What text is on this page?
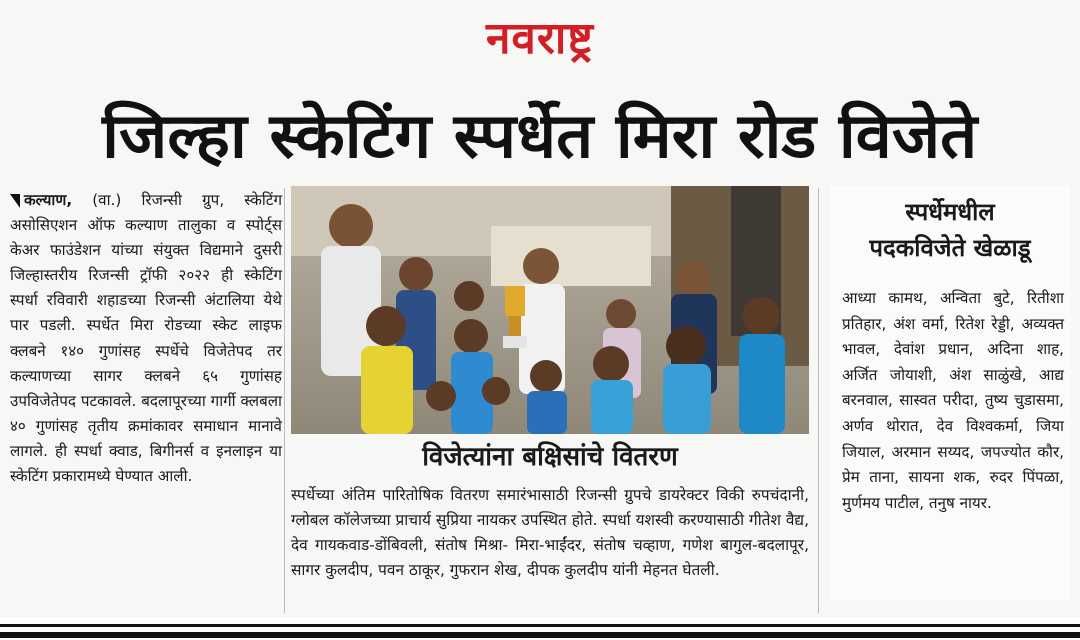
नवराष्ट्र
जिल्हा स्केटिंग स्पर्धेत मिरा रोड विजेते
कल्याण, (वा.) रिजन्सी ग्रुप, स्केटिंग असोसिएशन ऑफ कल्याण तालुका व स्पोर्ट्स केअर फाउंडेशन यांच्या संयुक्त विद्यमाने दुसरी जिल्हास्तरीय रिजन्सी ट्रॉफी २०२२ ही स्केटिंग स्पर्धा रविवारी शहाडच्या रिजन्सी अंटालिया येथे पार पडली. स्पर्धेत मिरा रोडच्या स्केट लाइफ क्लबने १४० गुणांसह स्पर्धेचे विजेतेपद तर कल्याणच्या सागर क्लबने ६५ गुणांसह उपविजेतेपद पटकावले. बदलापूरच्या गार्गी क्लबला ४० गुणांसह तृतीय क्रमांकावर समाधान मानावे लागले. ही स्पर्धा क्वाड, बिगीनर्स व इनलाइन या स्केटिंग प्रकारामध्ये घेण्यात आली.
विजेत्यांना बक्षिसांचे वितरण
स्पर्धेच्या अंतिम पारितोषिक वितरण समारंभासाठी रिजन्सी ग्रुपचे डायरेक्टर विकी रुपचंदानी, ग्लोबल कॉलेजच्या प्राचार्य सुप्रिया नायकर उपस्थित होते. स्पर्धा यशस्वी करण्यासाठी गीतेश वैद्य, देव गायकवाड-डोंबिवली, संतोष मिश्रा- मिरा-भाईंदर, संतोष चव्हाण, गणेश बागुल-बदलापूर, सागर कुलदीप, पवन ठाकूर, गुफरान शेख, दीपक कुलदीप यांनी मेहनत घेतली.
स्पर्धेमधील
पदकविजेते खेळाडू
आध्या कामथ, अन्विता बुटे, रितीशा प्रतिहार, अंश वर्मा, रितेश रेड्डी, अव्यक्त भावल, देवांश प्रधान, अदिना शाह, अर्जित जोयाशी, अंश साळुंखे, आद्य बरनवाल, सास्वत परीदा, तुष्य चुडासमा, अर्णव थोरात, देव विश्वकर्मा, जिया जियाल, अरमान सय्यद, जपज्योत कौर, प्रेम ताना, सायना शक, रुदर पिंपळा, मुर्णमय पाटील, तनुष नायर.
